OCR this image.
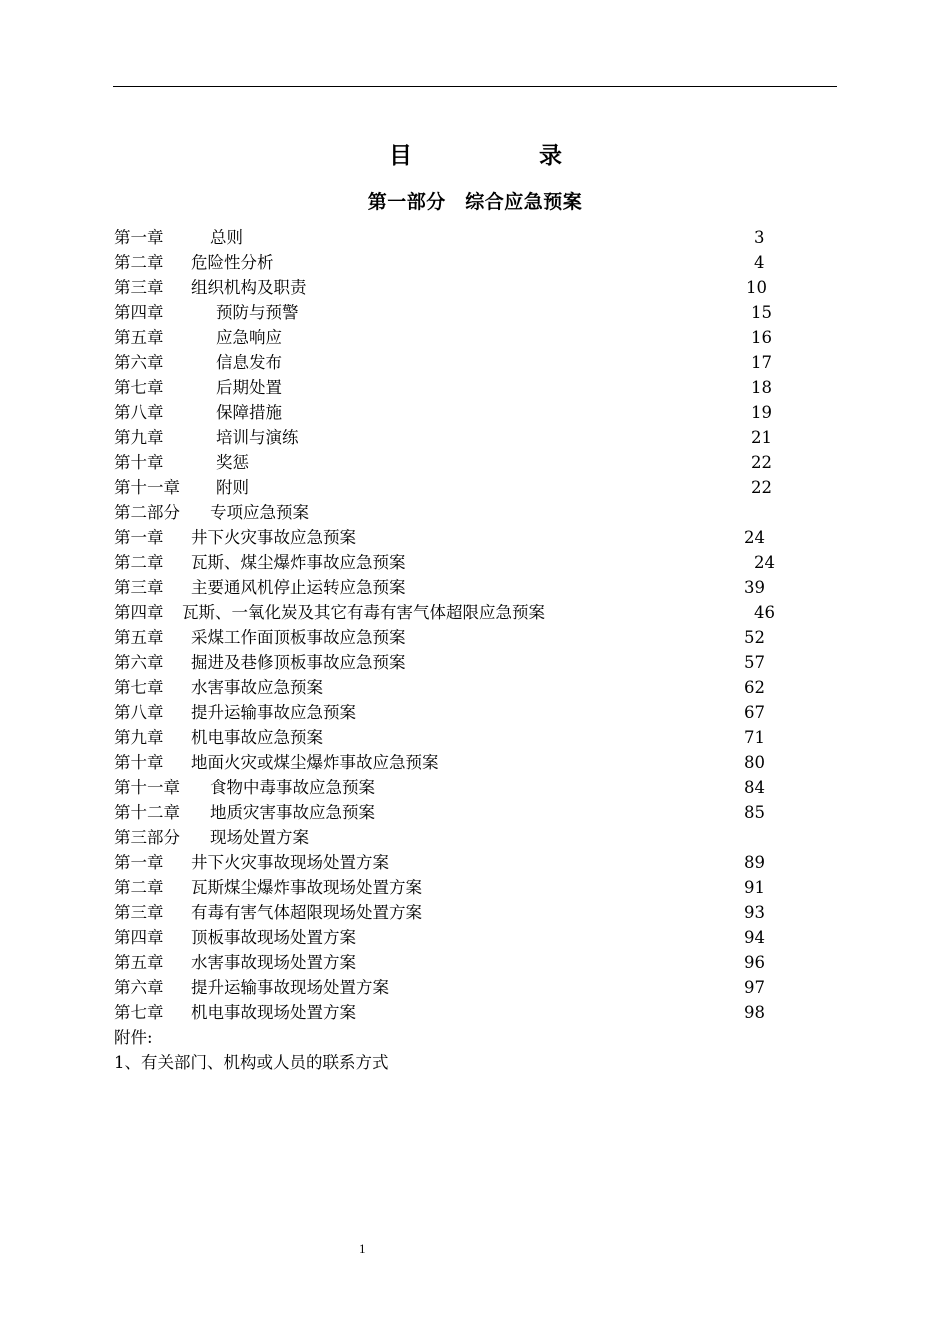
目	录
第一部分　综合应急预案
第一章	总则	3
第二章 危险性分析	4
第三章 组织机构及职责	10
第四章	预防与预警	15
第五章	应急响应	16
第六章	信息发布	17
第七章	后期处置	18
第八章	保障措施	19
第九章	培训与演练	21
第十章	奖惩	22
第十一章 附则	22
第二部分 专项应急预案
第一章 井下火灾事故应急预案	24
第二章 瓦斯、煤尘爆炸事故应急预案	24
第三章 主要通风机停止运转应急预案	39
第四章 瓦斯、一氧化炭及其它有毒有害气体超限应急预案	46
第五章 采煤工作面顶板事故应急预案	52
第六章 掘进及巷修顶板事故应急预案	57
第七章 水害事故应急预案	62
第八章 提升运输事故应急预案	67
第九章 机电事故应急预案	71
第十章 地面火灾或煤尘爆炸事故应急预案	80
第十一章 食物中毒事故应急预案	84
第十二章 地质灾害事故应急预案	85
第三部分 现场处置方案
第一章 井下火灾事故现场处置方案	89
第二章 瓦斯煤尘爆炸事故现场处置方案	91
第三章 有毒有害气体超限现场处置方案	93
第四章 顶板事故现场处置方案	94
第五章 水害事故现场处置方案	96
第六章 提升运输事故现场处置方案	97
第七章 机电事故现场处置方案	98
附件:
1、有关部门、机构或人员的联系方式
1
